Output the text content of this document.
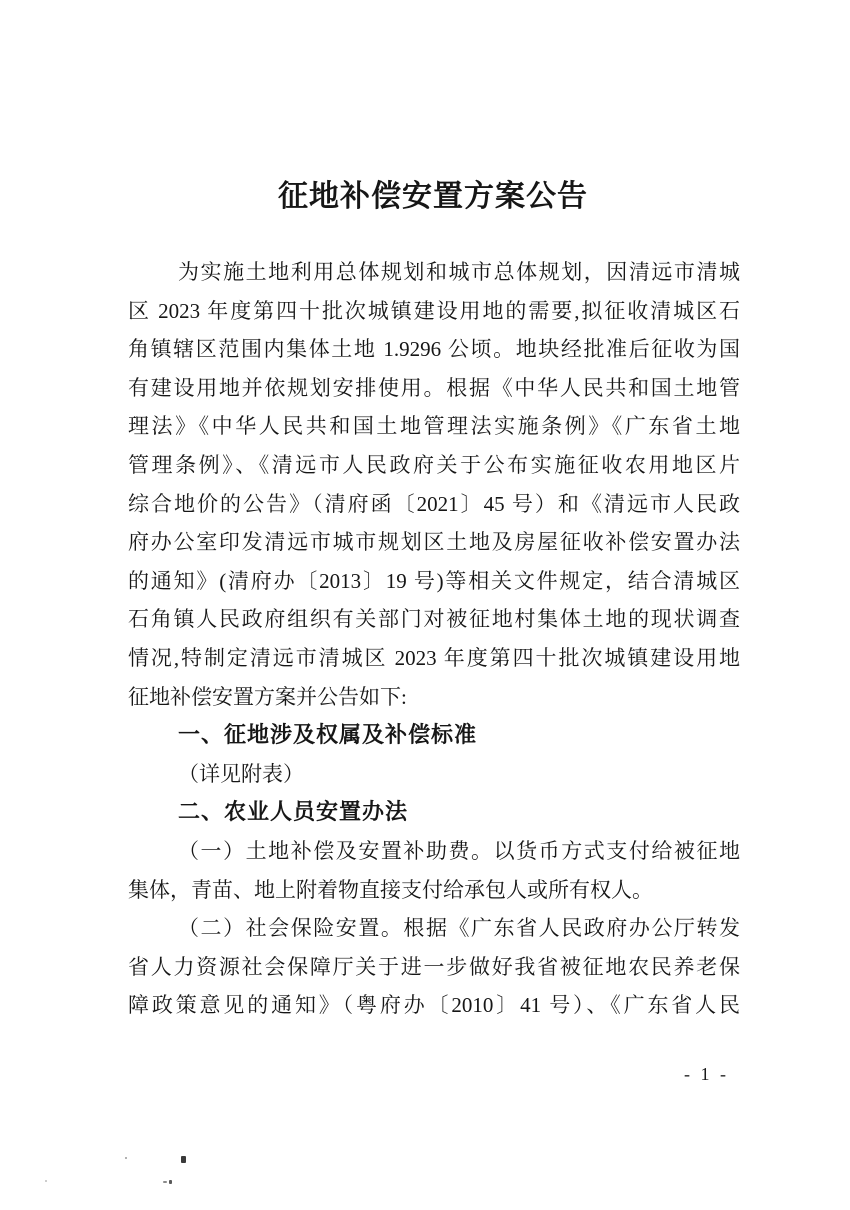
征地补偿安置方案公告
为实施土地利用总体规划和城市总体规划，因清远市清城
区 2023 年度第四十批次城镇建设用地的需要,拟征收清城区石
角镇辖区范围内集体土地 1.9296 公顷。地块经批准后征收为国
有建设用地并依规划安排使用。根据《中华人民共和国土地管
理法》《中华人民共和国土地管理法实施条例》《广东省土地
管理条例》、《清远市人民政府关于公布实施征收农用地区片
综合地价的公告》（清府函〔2021〕45 号）和《清远市人民政
府办公室印发清远市城市规划区土地及房屋征收补偿安置办法
的通知》(清府办〔2013〕19 号)等相关文件规定，结合清城区
石角镇人民政府组织有关部门对被征地村集体土地的现状调查
情况,特制定清远市清城区 2023 年度第四十批次城镇建设用地
征地补偿安置方案并公告如下:
一、征地涉及权属及补偿标准
（详见附表）
二、农业人员安置办法
（一）土地补偿及安置补助费。以货币方式支付给被征地
集体，青苗、地上附着物直接支付给承包人或所有权人。
（二）社会保险安置。根据《广东省人民政府办公厅转发
省人力资源社会保障厅关于进一步做好我省被征地农民养老保
障政策意见的通知》（粤府办〔2010〕41 号）、《广东省人民
- 1 -
